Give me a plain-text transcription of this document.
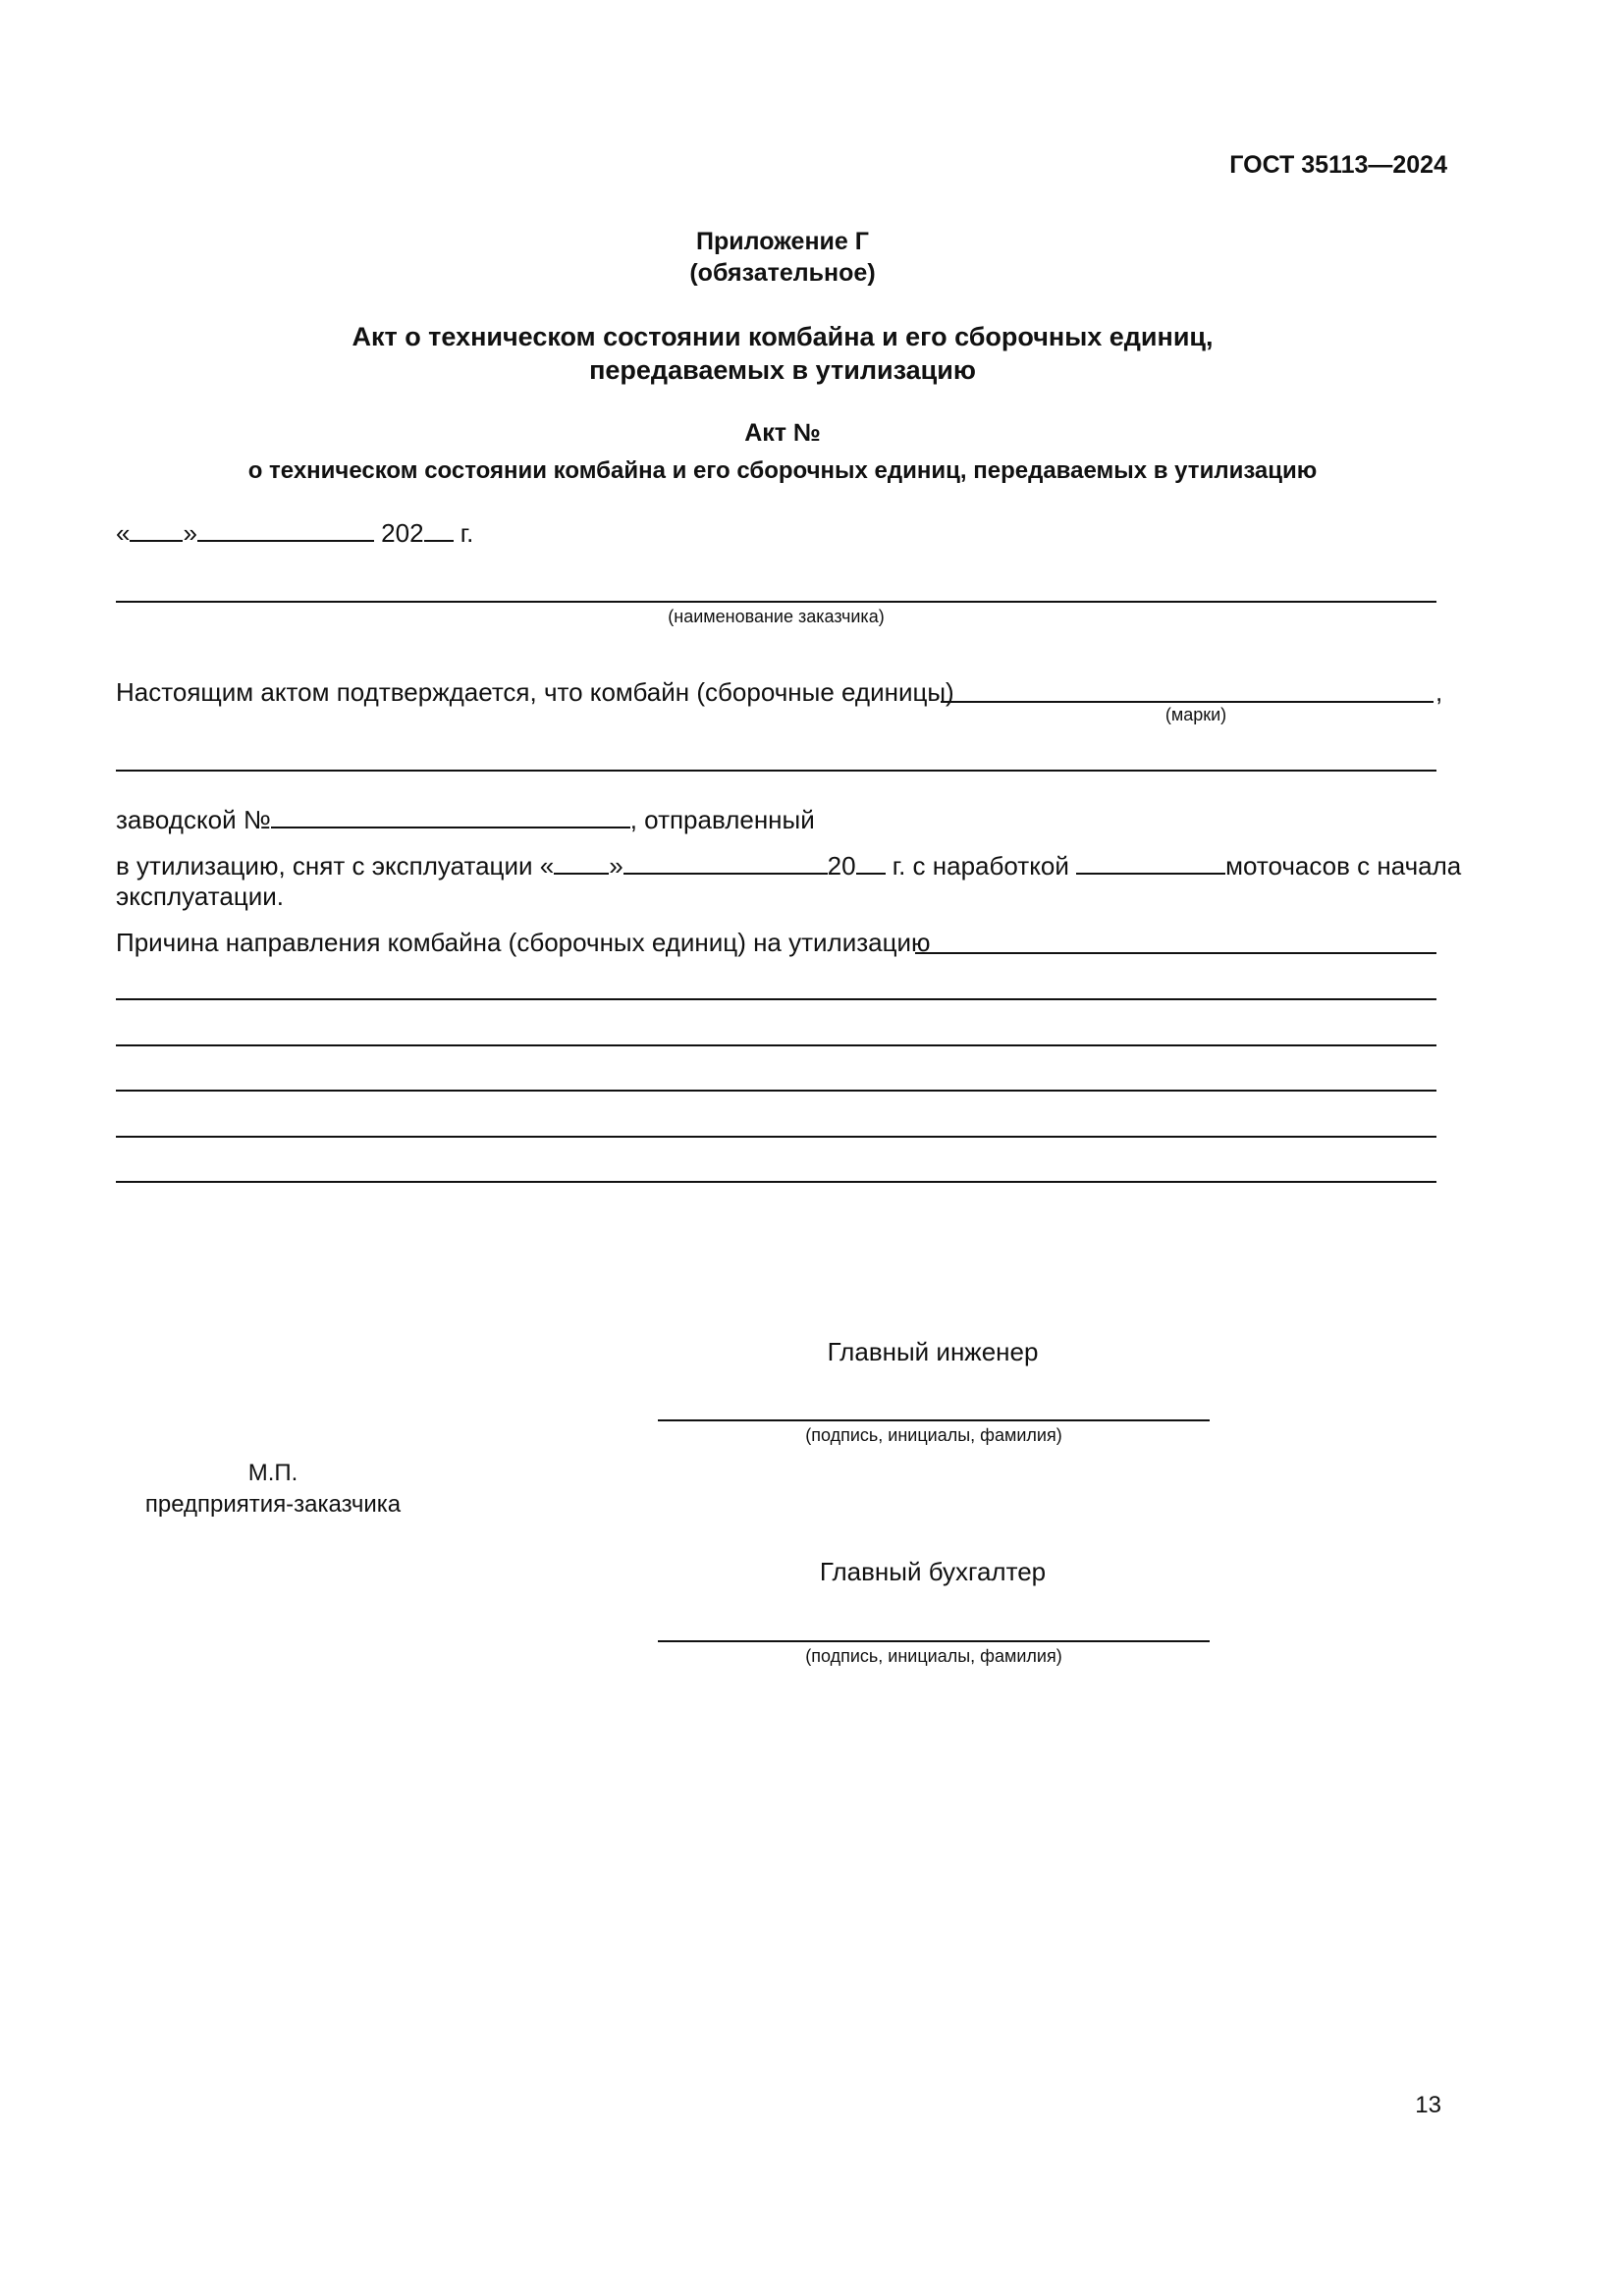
ГОСТ 35113—2024
Приложение Г
(обязательное)
Акт о техническом состоянии комбайна и его сборочных единиц,
передаваемых в утилизацию
Акт №
о техническом состоянии комбайна и его сборочных единиц, передаваемых в утилизацию
« »	202 г.
(наименование заказчика)
Настоящим актом подтверждается, что комбайн (сборочные единицы)	,
(марки)
заводской №	, отправленный
в утилизацию, снят с эксплуатации « »	20 г. с наработкой	моточасов с начала
эксплуатации.
Причина направления комбайна (сборочных единиц) на утилизацию
Главный инженер
(подпись, инициалы, фамилия)
М.П.
предприятия-заказчика
Главный бухгалтер
(подпись, инициалы, фамилия)
13
